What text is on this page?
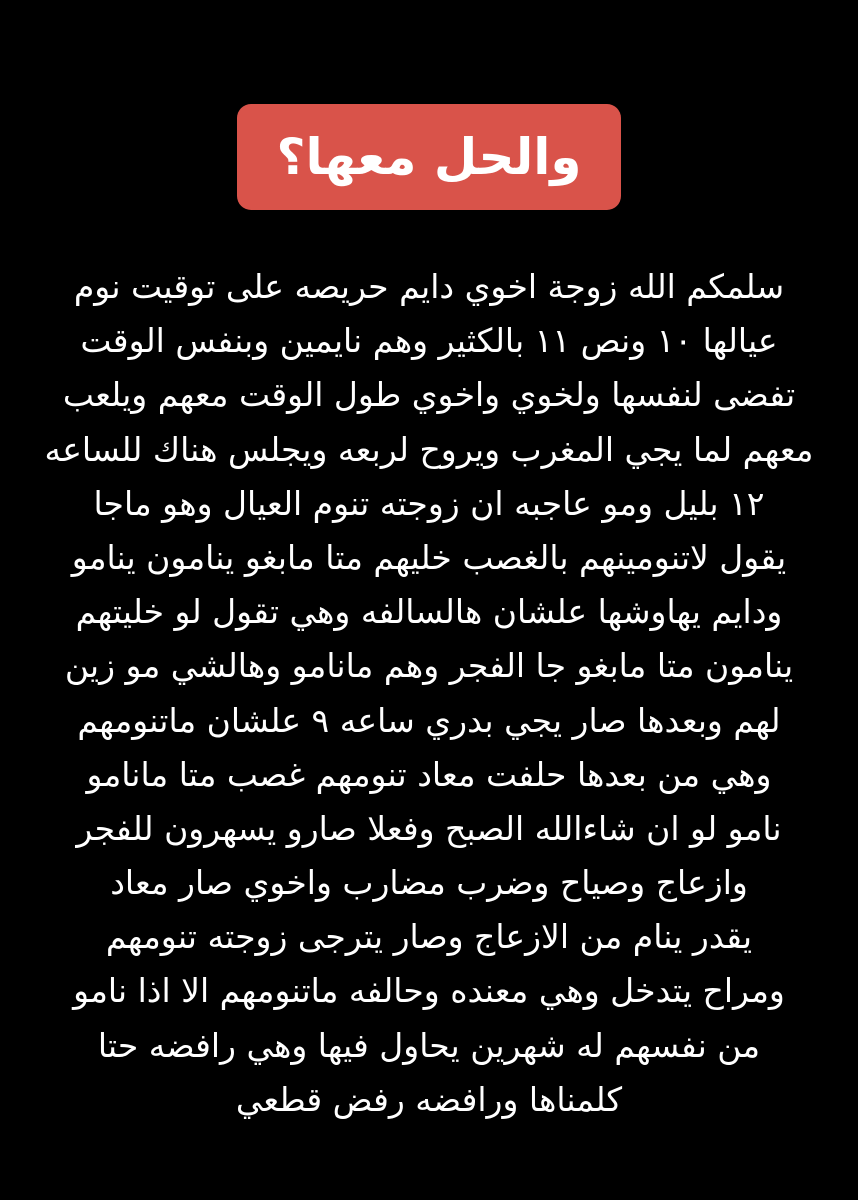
والحل معها؟
سلمكم الله زوجة اخوي دايم حريصه على توقيت نوم
عيالها ١٠ ونص ١١ بالكثير وهم نايمين وبنفس الوقت
تفضى لنفسها ولخوي واخوي طول الوقت معهم ويلعب
معهم لما يجي المغرب ويروح لربعه ويجلس هناك للساعه
١٢ بليل ومو عاجبه ان زوجته تنوم العيال وهو ماجا
يقول لاتنومينهم بالغصب خليهم متا مابغو ينامون ينامو
ودايم يهاوشها علشان هالسالفه وهي تقول لو خليتهم
ينامون متا مابغو جا الفجر وهم مانامو وهالشي مو زين
لهم وبعدها صار يجي بدري ساعه ٩ علشان ماتنومهم
وهي من بعدها حلفت معاد تنومهم غصب متا مانامو
نامو لو ان شاءالله الصبح وفعلا صارو يسهرون للفجر
وازعاج وصياح وضرب مضارب واخوي صار معاد
يقدر ينام من الازعاج وصار يترجى زوجته تنومهم
ومراح يتدخل وهي معنده وحالفه ماتنومهم الا اذا نامو
من نفسهم له شهرين يحاول فيها وهي رافضه حتا
كلمناها ورافضه رفض قطعي
